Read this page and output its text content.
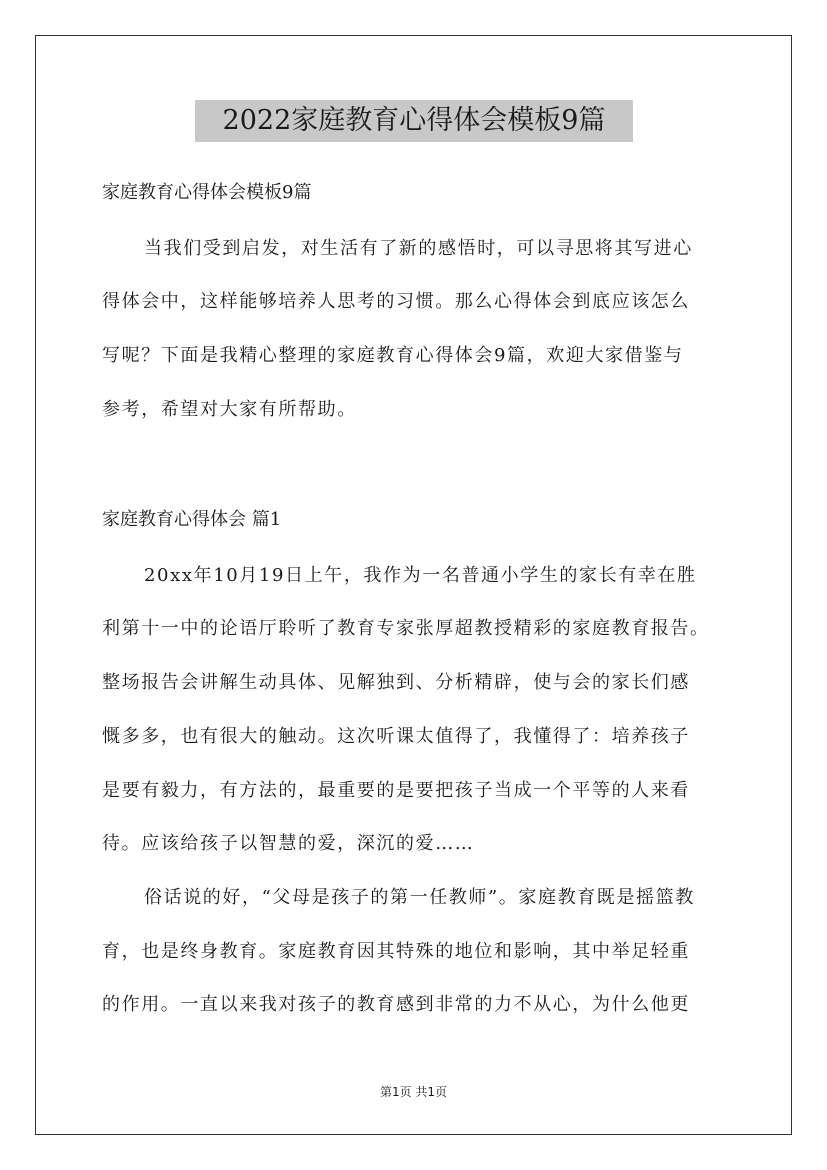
2022家庭教育心得体会模板9篇
家庭教育心得体会模板9篇
当我们受到启发，对生活有了新的感悟时，可以寻思将其写进心
得体会中，这样能够培养人思考的习惯。那么心得体会到底应该怎么
写呢？下面是我精心整理的家庭教育心得体会9篇，欢迎大家借鉴与
参考，希望对大家有所帮助。
家庭教育心得体会 篇1
20xx年10月19日上午，我作为一名普通小学生的家长有幸在胜
利第十一中的论语厅聆听了教育专家张厚超教授精彩的家庭教育报告。
整场报告会讲解生动具体、见解独到、分析精辟，使与会的家长们感
慨多多，也有很大的触动。这次听课太值得了，我懂得了：培养孩子
是要有毅力，有方法的，最重要的是要把孩子当成一个平等的人来看
待。应该给孩子以智慧的爱，深沉的爱……
俗话说的好，“父母是孩子的第一任教师”。家庭教育既是摇篮教
育，也是终身教育。家庭教育因其特殊的地位和影响，其中举足轻重
的作用。一直以来我对孩子的教育感到非常的力不从心，为什么他更
第1页 共1页
